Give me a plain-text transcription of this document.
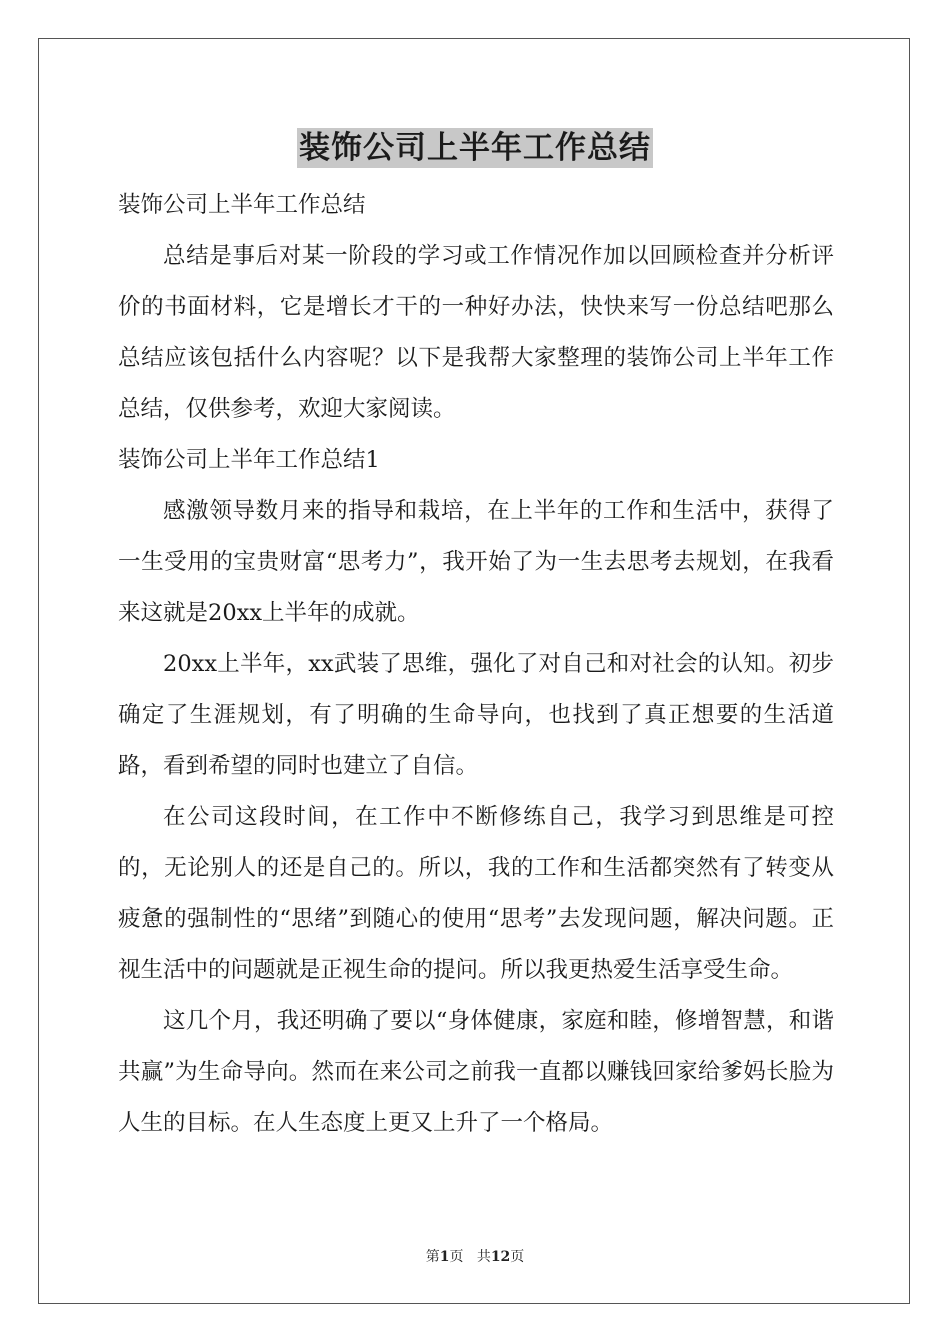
装饰公司上半年工作总结

装饰公司上半年工作总结

总结是事后对某一阶段的学习或工作情况作加以回顾检查并分析评价的书面材料，它是增长才干的一种好办法，快快来写一份总结吧那么总结应该包括什么内容呢？以下是我帮大家整理的装饰公司上半年工作总结，仅供参考，欢迎大家阅读。

装饰公司上半年工作总结1

感激领导数月来的指导和栽培，在上半年的工作和生活中，获得了一生受用的宝贵财富“思考力”，我开始了为一生去思考去规划，在我看来这就是20xx上半年的成就。

20xx上半年，xx武装了思维，强化了对自己和对社会的认知。初步确定了生涯规划，有了明确的生命导向，也找到了真正想要的生活道路，看到希望的同时也建立了自信。

在公司这段时间，在工作中不断修练自己，我学习到思维是可控的，无论别人的还是自己的。所以，我的工作和生活都突然有了转变从疲惫的强制性的“思绪”到随心的使用“思考”去发现问题，解决问题。正视生活中的问题就是正视生命的提问。所以我更热爱生活享受生命。

这几个月，我还明确了要以“身体健康，家庭和睦，修增智慧，和谐共赢”为生命导向。然而在来公司之前我一直都以赚钱回家给爹妈长脸为人生的目标。在人生态度上更又上升了一个格局。

第1页 共12页
